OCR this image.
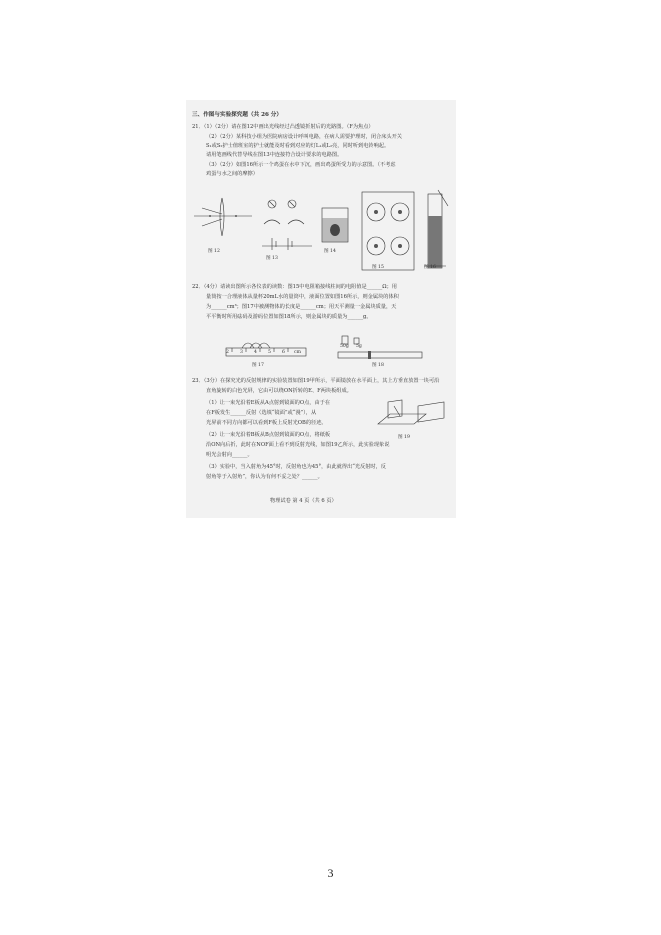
三、作图与实验探究题（共 26 分）
21．（1）（2分）请在图12中画出光线经过凸透镜折射后的光路图。（F为焦点）
（2）（2分）某科技小组为医院病房设计呼叫电路，在病人需要护理时，闭合床头开关
S₁或S₂护士值班室的护士就能及时看到对应的灯L₁或L₂亮，同时听到电铃响起。
请用笔画线代替导线在图13中连接符合设计要求的电路图。
（3）（2分）如图16所示一个鸡蛋在水中下沉，画出鸡蛋所受力的示意图。（不考虑
鸡蛋与水之间的摩擦）
图 12
图 13
图 14
图 15	图 16
22．（4分）请读出图所示各仪表的读数：图15中电阻箱接线柱间的电阻值是______Ω；用
量筒按一合理液体从量杯20mL水的量筒中，液面位置如图16所示，则金属块的体积
为______cm³；图17中被测物体的长度是______cm；用天平测量一金属块质量，天
平平衡时所用砝码及游码位置如图18所示，则金属块的质量为______g。
2 3 4 5 6 cm
50g 5g
图 17	图 18
23．（3分）在探究光的反射规律的实验装置如图19甲所示，平面镜放在水平面上，其上方垂直放置一块可沿
直角旋转的白色光屏，它由可以绕ON折转的E、F两块板组成。
（1）让一束光沿着E板从A点射到镜面的O点，由于在
在F板发生______反射（选填“镜面”或“漫”），从
光屏前不同方向都可以看到F板上反射光OB的径迹。
（2）让一束光沿着B板从B点射到镜面的O点，将纸板
沿ON向后折，此时在NOF面上看不到反射光线，如图19乙所示，此实验现象说
明光会射向______。
（3）实验中，当入射角为45°时，反射角也为45°，由此就得出“光反射时，反
射角等于入射角”，你认为有何不妥之处？______。
图 19
物理试卷 第 4 页（共 6 页）
3
